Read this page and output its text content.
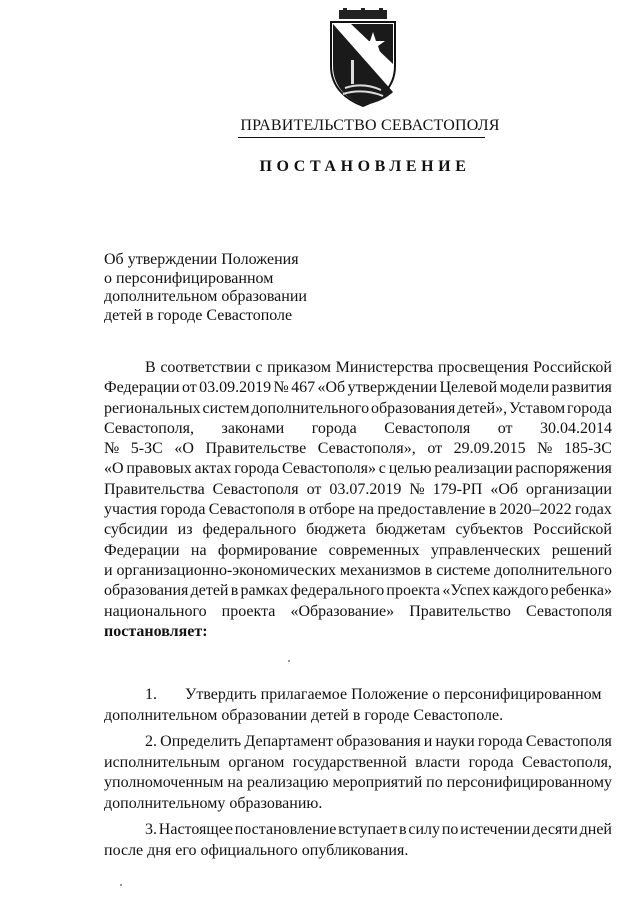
ПРАВИТЕЛЬСТВО СЕВАСТОПОЛЯ
ПОСТАНОВЛЕНИЕ
Об утверждении Положения
о персонифицированном
дополнительном образовании
детей в городе Севастополе
В соответствии с приказом Министерства просвещения Российской
Федерации от 03.09.2019 № 467 «Об утверждении Целевой модели развития
региональных систем дополнительного образования детей», Уставом города
Севастополя, законами города Севастополя от 30.04.2014
№ 5-ЗС «О Правительстве Севастополя», от 29.09.2015 № 185-ЗС
«О правовых актах города Севастополя» с целью реализации распоряжения
Правительства Севастополя от 03.07.2019 № 179-РП «Об организации
участия города Севастополя в отборе на предоставление в 2020–2022 годах
субсидии из федерального бюджета бюджетам субъектов Российской
Федерации на формирование современных управленческих решений
и организационно-экономических механизмов в системе дополнительного
образования детей в рамках федерального проекта «Успех каждого ребенка»
национального проекта «Образование» Правительство Севастополя
постановляет:
1. Утвердить прилагаемое Положение о персонифицированном
дополнительном образовании детей в городе Севастополе.
2. Определить Департамент образования и науки города Севастополя
исполнительным органом государственной власти города Севастополя,
уполномоченным на реализацию мероприятий по персонифицированному
дополнительному образованию.
3. Настоящее постановление вступает в силу по истечении десяти дней
после дня его официального опубликования.
